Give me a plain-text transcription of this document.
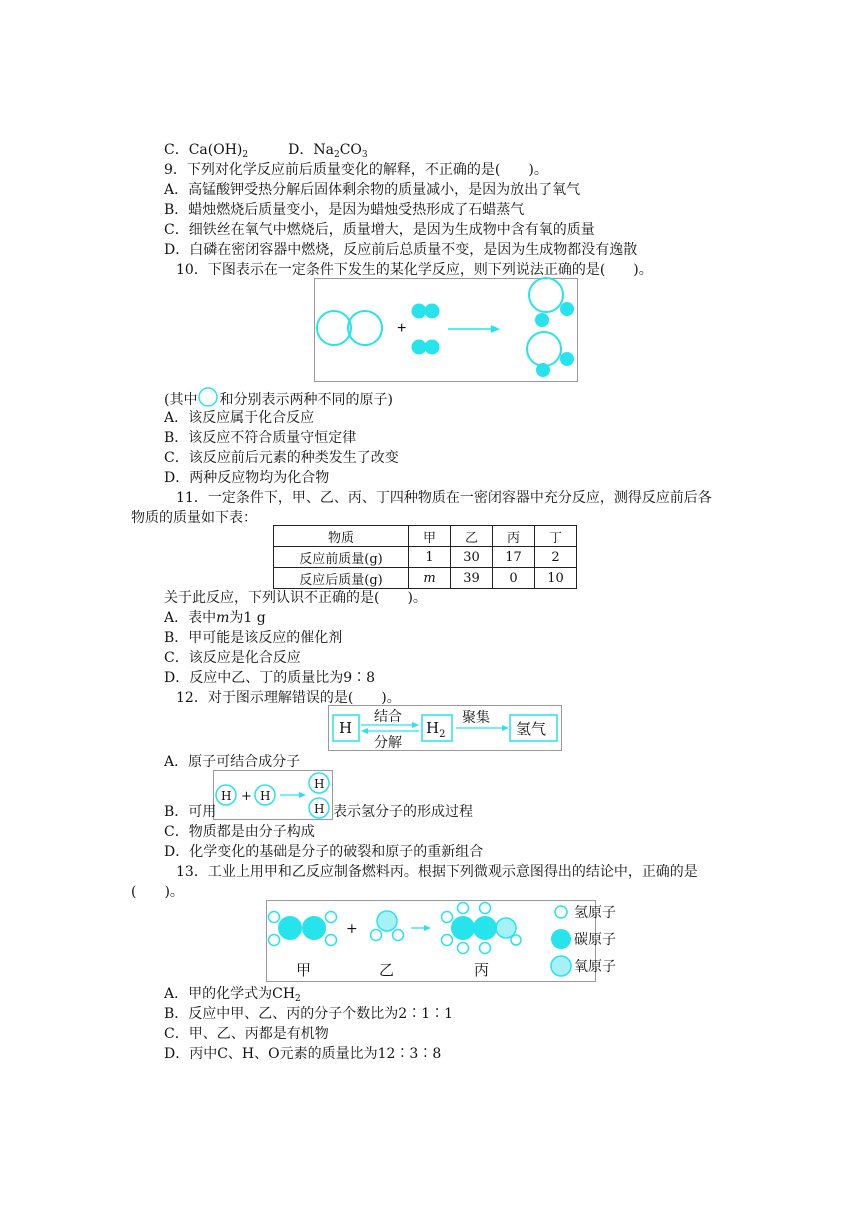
C．$Ca(OH)_2$	D．$Na_2CO_3$
9．下列对化学反应前后质量变化的解释，不正确的是(　　)。
A．高锰酸钾受热分解后固体剩余物的质量减小，是因为放出了氧气
B．蜡烛燃烧后质量变小，是因为蜡烛受热形成了石蜡蒸气
C．细铁丝在氧气中燃烧后，质量增大，是因为生成物中含有氧的质量
D．白磷在密闭容器中燃烧，反应前后总质量不变，是因为生成物都没有逸散
10．下图表示在一定条件下发生的某化学反应，则下列说法正确的是(　　)。
+
(其中 和分别表示两种不同的原子)
A．该反应属于化合反应
B．该反应不符合质量守恒定律
C．该反应前后元素的种类发生了改变
D．两种反应物均为化合物
11．一定条件下，甲、乙、丙、丁四种物质在一密闭容器中充分反应，测得反应前后各
物质的质量如下表：
物质	甲	乙	丙	丁
反应前质量(g)	1	30	17	2
反应后质量(g)	m	39	0	10
关于此反应，下列认识不正确的是(　　)。
A．表中m为1 g
B．甲可能是该反应的催化剂
C．该反应是化合反应
D．反应中乙、丁的质量比为9∶8
12．对于图示理解错误的是(　　)。
H
结合
分解
$H_2$
聚集
氢气
A．原子可结合成分子
H + H
H
H
B．可用	表示氢分子的形成过程
C．物质都是由分子构成
D．化学变化的基础是分子的破裂和原子的重新组合
13．工业上用甲和乙反应制备燃料丙。根据下列微观示意图得出的结论中，正确的是
(　　)。
+
甲	乙	丙
氢原子
碳原子
氧原子
A．甲的化学式为$CH_2$
B．反应中甲、乙、丙的分子个数比为2∶1∶1
C．甲、乙、丙都是有机物
D．丙中C、H、O元素的质量比为12∶3∶8
